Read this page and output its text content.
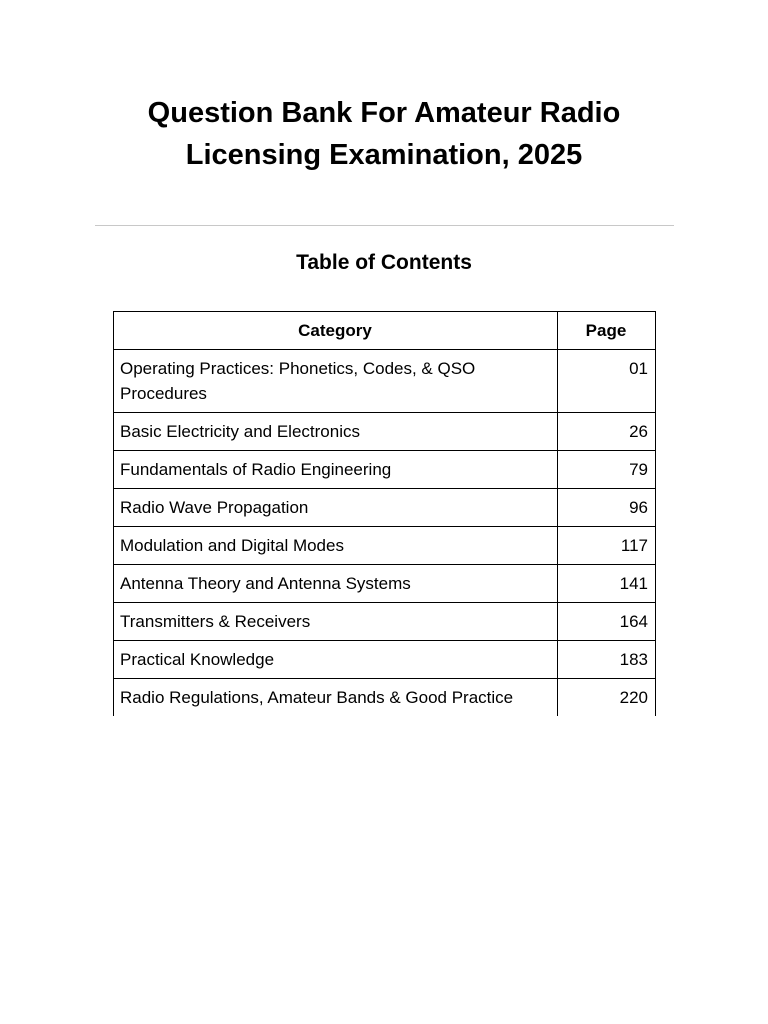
Question Bank For Amateur Radio
Licensing Examination, 2025
Table of Contents
Category	Page
Operating Practices: Phonetics, Codes, & QSO Procedures	01
Basic Electricity and Electronics	26
Fundamentals of Radio Engineering	79
Radio Wave Propagation	96
Modulation and Digital Modes	117
Antenna Theory and Antenna Systems	141
Transmitters & Receivers	164
Practical Knowledge	183
Radio Regulations, Amateur Bands & Good Practice	220
